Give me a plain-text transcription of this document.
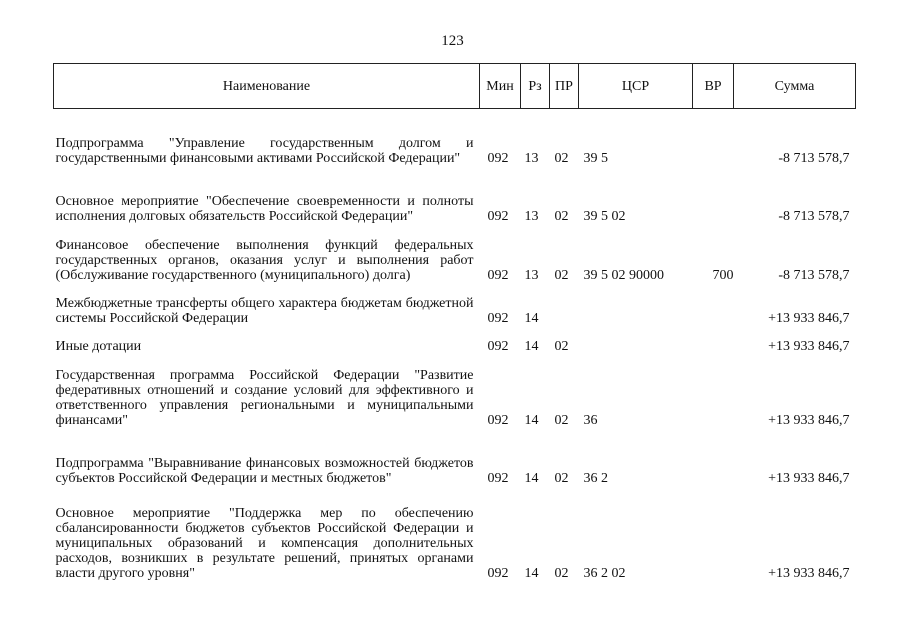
123
Наименование	Мин	Рз	ПР	ЦСР	ВР	Сумма
Подпрограмма "Управление государственным долгом и государственными финансовыми активами Российской Федерации"	092	13	02	39 5		-8 713 578,7
Основное мероприятие "Обеспечение своевременности и полноты исполнения долговых обязательств Российской Федерации"	092	13	02	39 5 02		-8 713 578,7
Финансовое обеспечение выполнения функций федеральных государственных органов, оказания услуг и выполнения работ (Обслуживание государственного (муниципального) долга)	092	13	02	39 5 02 90000	700	-8 713 578,7
Межбюджетные трансферты общего характера бюджетам бюджетной системы Российской Федерации	092	14				+13 933 846,7
Иные дотации	092	14	02			+13 933 846,7
Государственная программа Российской Федерации "Развитие федеративных отношений и создание условий для эффективного и ответственного управления региональными и муниципальными финансами"	092	14	02	36		+13 933 846,7
Подпрограмма "Выравнивание финансовых возможностей бюджетов субъектов Российской Федерации и местных бюджетов"	092	14	02	36 2		+13 933 846,7
Основное мероприятие "Поддержка мер по обеспечению сбалансированности бюджетов субъектов Российской Федерации и муниципальных образований и компенсация дополнительных расходов, возникших в результате решений, принятых органами власти другого уровня"	092	14	02	36 2 02		+13 933 846,7
